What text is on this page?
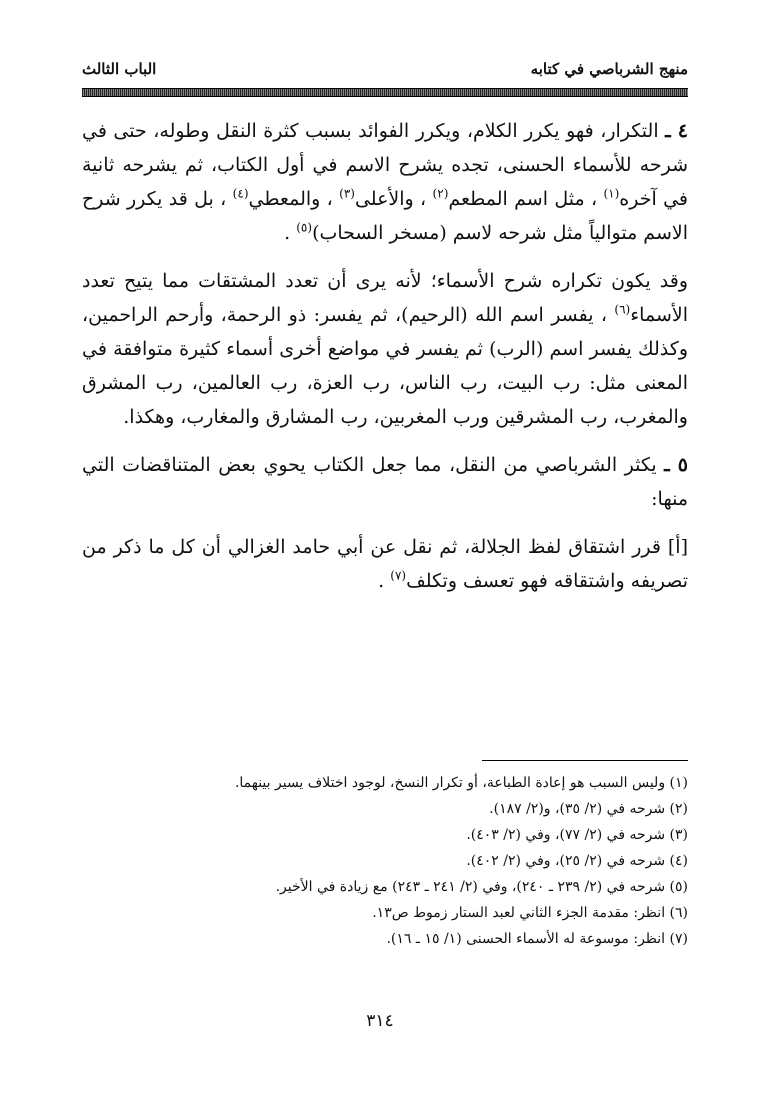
منهج الشرباصي في كتابه
الباب الثالث

٤ ـ التكرار، فهو يكرر الكلام، ويكرر الفوائد بسبب كثرة النقل وطوله، حتى في شرحه للأسماء الحسنى، تجده يشرح الاسم في أول الكتاب، ثم يشرحه ثانية في آخره$^{(١)}$ ، مثل اسم المطعم$^{(٢)}$ ، والأعلى$^{(٣)}$ ، والمعطي$^{(٤)}$ ، بل قد يكرر شرح الاسم متوالياً مثل شرحه لاسم (مسخر السحاب)$^{(٥)}$ .

وقد يكون تكراره شرح الأسماء؛ لأنه يرى أن تعدد المشتقات مما يتيح تعدد الأسماء$^{(٦)}$ ، يفسر اسم الله (الرحيم)، ثم يفسر: ذو الرحمة، وأرحم الراحمين، وكذلك يفسر اسم (الرب) ثم يفسر في مواضع أخرى أسماء كثيرة متوافقة في المعنى مثل: رب البيت، رب الناس، رب العزة، رب العالمين، رب المشرق والمغرب، رب المشرقين ورب المغربين، رب المشارق والمغارب، وهكذا.

٥ ـ يكثر الشرباصي من النقل، مما جعل الكتاب يحوي بعض المتناقضات التي منها:

[أ] قرر اشتقاق لفظ الجلالة، ثم نقل عن أبي حامد الغزالي أن كل ما ذكر من تصريفه واشتقاقه فهو تعسف وتكلف$^{(٧)}$ .

(١) وليس السبب هو إعادة الطباعة، أو تكرار النسخ، لوجود اختلاف يسير بينهما.

(٢) شرحه في (٢/ ٣٥)، و(٢/ ١٨٧).

(٣) شرحه في (٢/ ٧٧)، وفي (٢/ ٤٠٣).

(٤) شرحه في (٢/ ٢٥)، وفي (٢/ ٤٠٢).

(٥) شرحه في (٢/ ٢٣٩ ـ ٢٤٠)، وفي (٢/ ٢٤١ ـ ٢٤٣) مع زيادة في الأخير.

(٦) انظر: مقدمة الجزء الثاني لعبد الستار زموط ص١٣.

(٧) انظر: موسوعة له الأسماء الحسنى (١/ ١٥ ـ ١٦).

٣١٤
